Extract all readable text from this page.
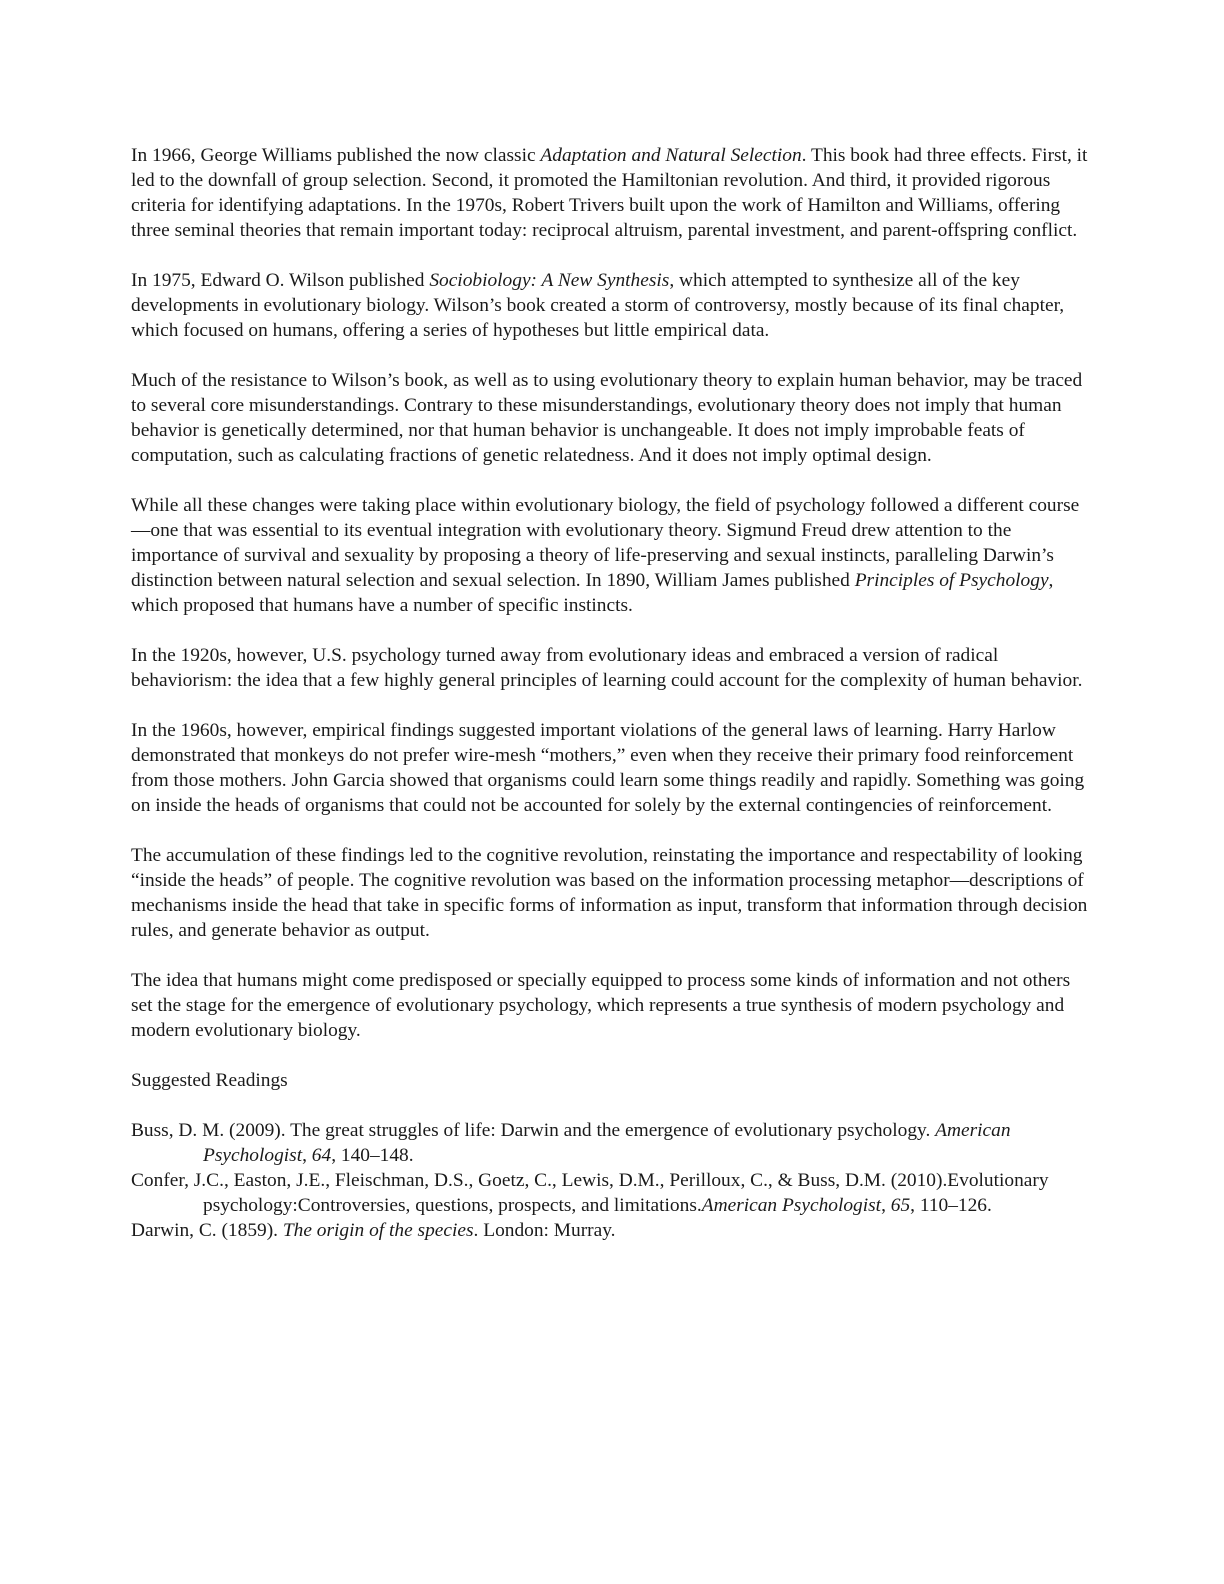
In 1966, George Williams published the now classic Adaptation and Natural Selection. This book had three effects. First, it led to the downfall of group selection. Second, it promoted the Hamiltonian revolution. And third, it provided rigorous criteria for identifying adaptations. In the 1970s, Robert Trivers built upon the work of Hamilton and Williams, offering three seminal theories that remain important today: reciprocal altruism, parental investment, and parent-offspring conflict.

In 1975, Edward O. Wilson published Sociobiology: A New Synthesis, which attempted to synthesize all of the key developments in evolutionary biology. Wilson’s book created a storm of controversy, mostly because of its final chapter, which focused on humans, offering a series of hypotheses but little empirical data.

Much of the resistance to Wilson’s book, as well as to using evolutionary theory to explain human behavior, may be traced to several core misunderstandings. Contrary to these misunderstandings, evolutionary theory does not imply that human behavior is genetically determined, nor that human behavior is unchangeable. It does not imply improbable feats of computation, such as calculating fractions of genetic relatedness. And it does not imply optimal design.

While all these changes were taking place within evolutionary biology, the field of psychology followed a different course—one that was essential to its eventual integration with evolutionary theory. Sigmund Freud drew attention to the importance of survival and sexuality by proposing a theory of life-preserving and sexual instincts, paralleling Darwin’s distinction between natural selection and sexual selection. In 1890, William James published Principles of Psychology, which proposed that humans have a number of specific instincts.

In the 1920s, however, U.S. psychology turned away from evolutionary ideas and embraced a version of radical behaviorism: the idea that a few highly general principles of learning could account for the complexity of human behavior.

In the 1960s, however, empirical findings suggested important violations of the general laws of learning. Harry Harlow demonstrated that monkeys do not prefer wire-mesh “mothers,” even when they receive their primary food reinforcement from those mothers. John Garcia showed that organisms could learn some things readily and rapidly. Something was going on inside the heads of organisms that could not be accounted for solely by the external contingencies of reinforcement.

The accumulation of these findings led to the cognitive revolution, reinstating the importance and respectability of looking “inside the heads” of people. The cognitive revolution was based on the information processing metaphor—descriptions of mechanisms inside the head that take in specific forms of information as input, transform that information through decision rules, and generate behavior as output.

The idea that humans might come predisposed or specially equipped to process some kinds of information and not others set the stage for the emergence of evolutionary psychology, which represents a true synthesis of modern psychology and modern evolutionary biology.

Suggested Readings

Buss, D. M. (2009). The great struggles of life: Darwin and the emergence of evolutionary psychology. American Psychologist, 64, 140–148.

Confer, J.C., Easton, J.E., Fleischman, D.S., Goetz, C., Lewis, D.M., Perilloux, C., & Buss, D.M. (2010).Evolutionary psychology:Controversies, questions, prospects, and limitations.American Psychologist, 65, 110–126.

Darwin, C. (1859). The origin of the species. London: Murray.
